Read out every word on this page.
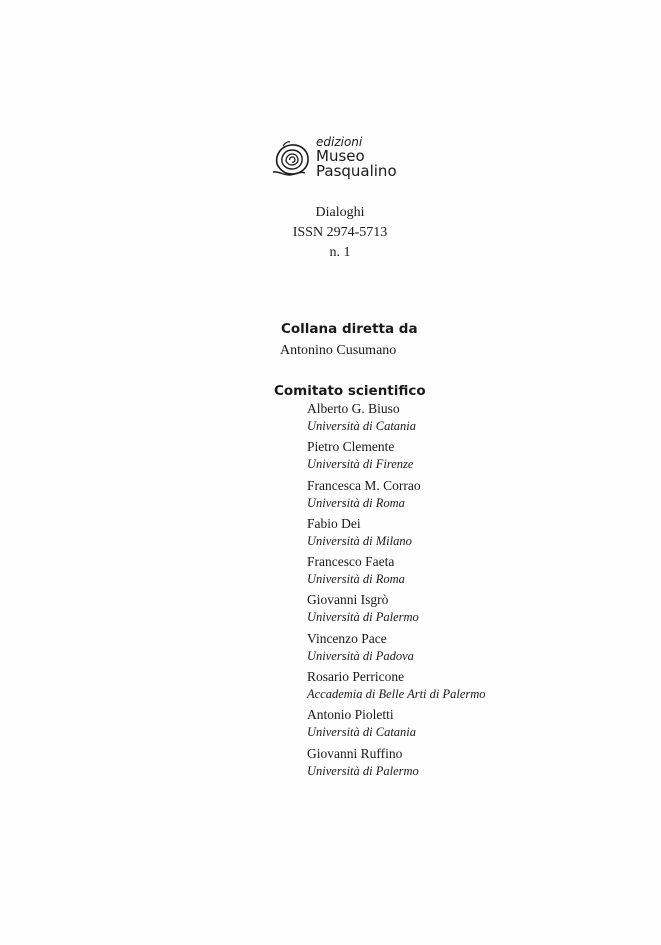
edizioni
Museo
Pasqualino
Dialoghi
ISSN 2974-5713
n. 1
Collana diretta da
Antonino Cusumano
Comitato scientifico
Alberto G. Biuso
Università di Catania
Pietro Clemente
Università di Firenze
Francesca M. Corrao
Università di Roma
Fabio Dei
Università di Milano
Francesco Faeta
Università di Roma
Giovanni Isgrò
Università di Palermo
Vincenzo Pace
Università di Padova
Rosario Perricone
Accademia di Belle Arti di Palermo
Antonio Pioletti
Università di Catania
Giovanni Ruffino
Università di Palermo
